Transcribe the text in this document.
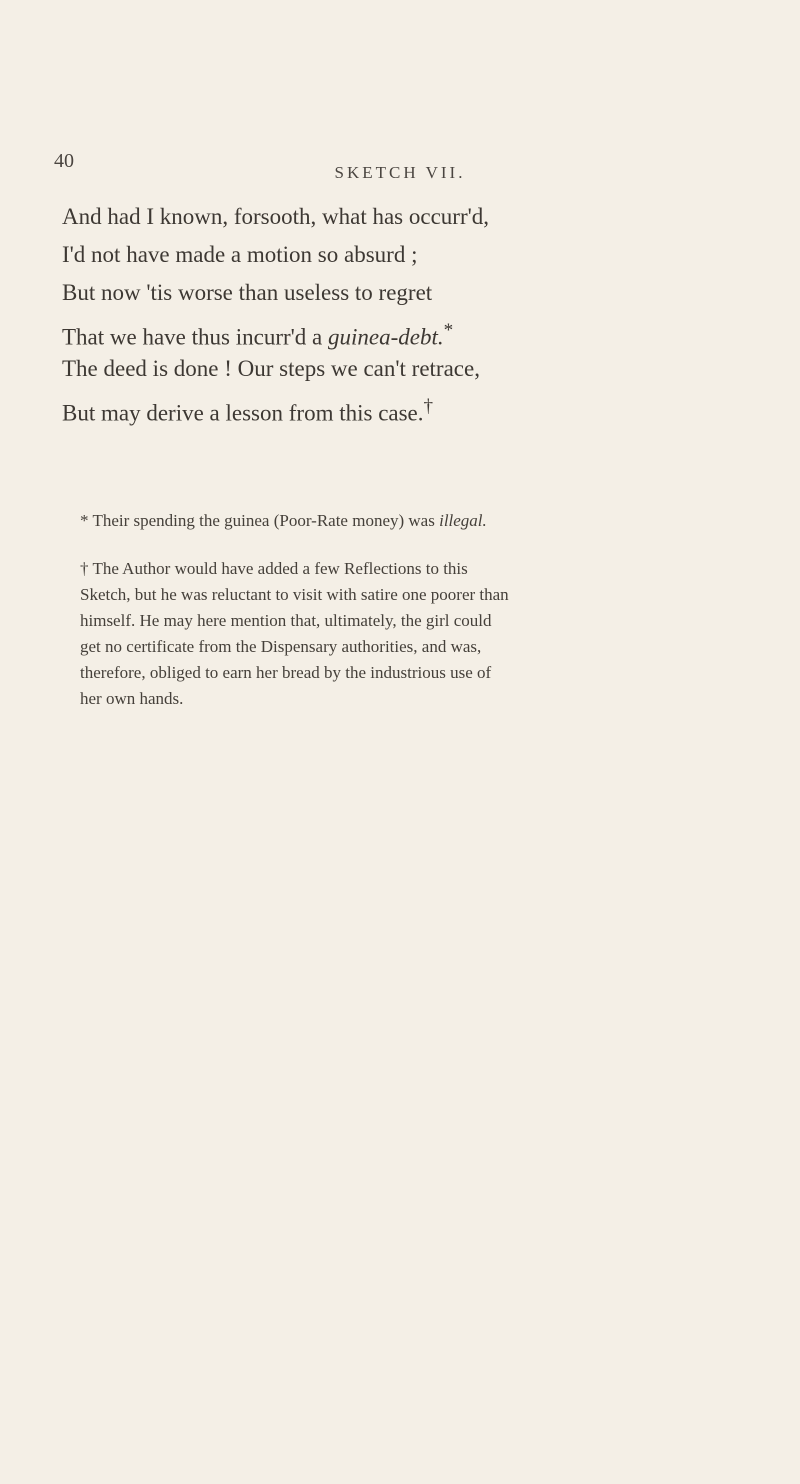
40
SKETCH VII.
And had I known, forsooth, what has occurr'd,
I'd not have made a motion so absurd ;
But now 'tis worse than useless to regret
That we have thus incurr'd a guinea-debt.*
The deed is done ! Our steps we can't retrace,
But may derive a lesson from this case.†
* Their spending the guinea (Poor-Rate money) was illegal.
† The Author would have added a few Reflections to this
Sketch, but he was reluctant to visit with satire one poorer than
himself. He may here mention that, ultimately, the girl could
get no certificate from the Dispensary authorities, and was,
therefore, obliged to earn her bread by the industrious use of
her own hands.
